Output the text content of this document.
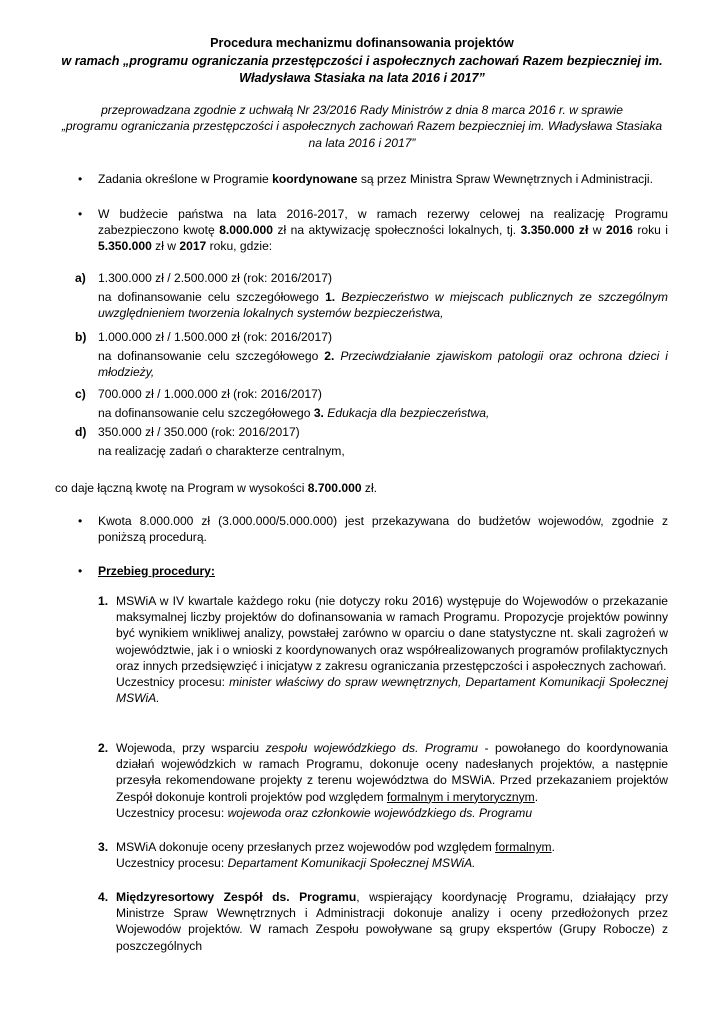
Procedura mechanizmu dofinansowania projektów
w ramach „programu ograniczania przestępczości i aspołecznych zachowań Razem bezpieczniej im.
Władysława Stasiaka na lata 2016 i 2017”
przeprowadzana zgodnie z uchwałą Nr 23/2016 Rady Ministrów z dnia 8 marca 2016 r. w sprawie
„programu ograniczania przestępczości i aspołecznych zachowań Razem bezpieczniej im. Władysława Stasiaka
na lata 2016 i 2017”
• Zadania określone w Programie koordynowane są przez Ministra Spraw Wewnętrznych i Administracji.
• W budżecie państwa na lata 2016-2017, w ramach rezerwy celowej na realizację Programu zabezpieczono kwotę 8.000.000 zł na aktywizację społeczności lokalnych, tj. 3.350.000 zł w 2016 roku i 5.350.000 zł w 2017 roku, gdzie:
a) 1.300.000 zł / 2.500.000 zł (rok: 2016/2017)
na dofinansowanie celu szczegółowego 1. Bezpieczeństwo w miejscach publicznych ze szczególnym uwzględnieniem tworzenia lokalnych systemów bezpieczeństwa,
b) 1.000.000 zł / 1.500.000 zł (rok: 2016/2017)
na dofinansowanie celu szczegółowego 2. Przeciwdziałanie zjawiskom patologii oraz ochrona dzieci i młodzieży,
c) 700.000 zł / 1.000.000 zł (rok: 2016/2017)
na dofinansowanie celu szczegółowego 3. Edukacja dla bezpieczeństwa,
d) 350.000 zł / 350.000 (rok: 2016/2017)
na realizację zadań o charakterze centralnym,
co daje łączną kwotę na Program w wysokości 8.700.000 zł.
• Kwota 8.000.000 zł (3.000.000/5.000.000) jest przekazywana do budżetów wojewodów, zgodnie z poniższą procedurą.
• Przebieg procedury:
1. MSWiA w IV kwartale każdego roku (nie dotyczy roku 2016) występuje do Wojewodów o przekazanie maksymalnej liczby projektów do dofinansowania w ramach Programu. Propozycje projektów powinny być wynikiem wnikliwej analizy, powstałej zarówno w oparciu o dane statystyczne nt. skali zagrożeń w województwie, jak i o wnioski z koordynowanych oraz współrealizowanych programów profilaktycznych oraz innych przedsięwzięć i inicjatyw z zakresu ograniczania przestępczości i aspołecznych zachowań.
Uczestnicy procesu: minister właściwy do spraw wewnętrznych, Departament Komunikacji Społecznej MSWiA.
2. Wojewoda, przy wsparciu zespołu wojewódzkiego ds. Programu - powołanego do koordynowania działań wojewódzkich w ramach Programu, dokonuje oceny nadesłanych projektów, a następnie przesyła rekomendowane projekty z terenu województwa do MSWiA. Przed przekazaniem projektów Zespół dokonuje kontroli projektów pod względem formalnym i merytorycznym.
Uczestnicy procesu: wojewoda oraz członkowie wojewódzkiego ds. Programu
3. MSWiA dokonuje oceny przesłanych przez wojewodów pod względem formalnym.
Uczestnicy procesu: Departament Komunikacji Społecznej MSWiA.
4. Międzyresortowy Zespół ds. Programu, wspierający koordynację Programu, działający przy Ministrze Spraw Wewnętrznych i Administracji dokonuje analizy i oceny przedłożonych przez Wojewodów projektów. W ramach Zespołu powoływane są grupy ekspertów (Grupy Robocze) z poszczególnych
